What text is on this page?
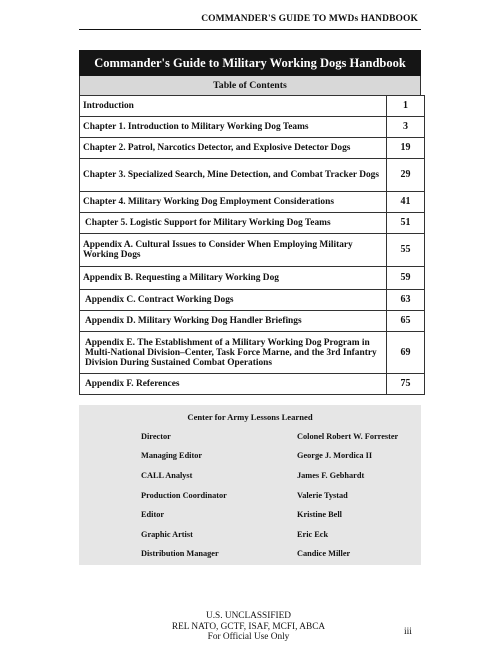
COMMANDER'S GUIDE TO MWDs HANDBOOK
Commander's Guide to Military Working Dogs Handbook
Table of Contents
Introduction	1
Chapter 1. Introduction to Military Working Dog Teams	3
Chapter 2. Patrol, Narcotics Detector, and Explosive Detector Dogs	19
Chapter 3. Specialized Search, Mine Detection, and Combat Tracker Dogs	29
Chapter 4. Military Working Dog Employment Considerations	41
Chapter 5. Logistic Support for Military Working Dog Teams	51
Appendix A. Cultural Issues to Consider When Employing Military Working Dogs	55
Appendix B. Requesting a Military Working Dog	59
Appendix C. Contract Working Dogs	63
Appendix D. Military Working Dog Handler Briefings	65
Appendix E. The Establishment of a Military Working Dog Program in Multi-National Division–Center, Task Force Marne, and the 3rd Infantry Division During Sustained Combat Operations	69
Appendix F. References	75
Center for Army Lessons Learned
Director	Colonel Robert W. Forrester
Managing Editor	George J. Mordica II
CALL Analyst	James F. Gebhardt
Production Coordinator	Valerie Tystad
Editor	Kristine Bell
Graphic Artist	Eric Eck
Distribution Manager	Candice Miller
U.S. UNCLASSIFIED
REL NATO, GCTF, ISAF, MCFI, ABCA
For Official Use Only	iii
